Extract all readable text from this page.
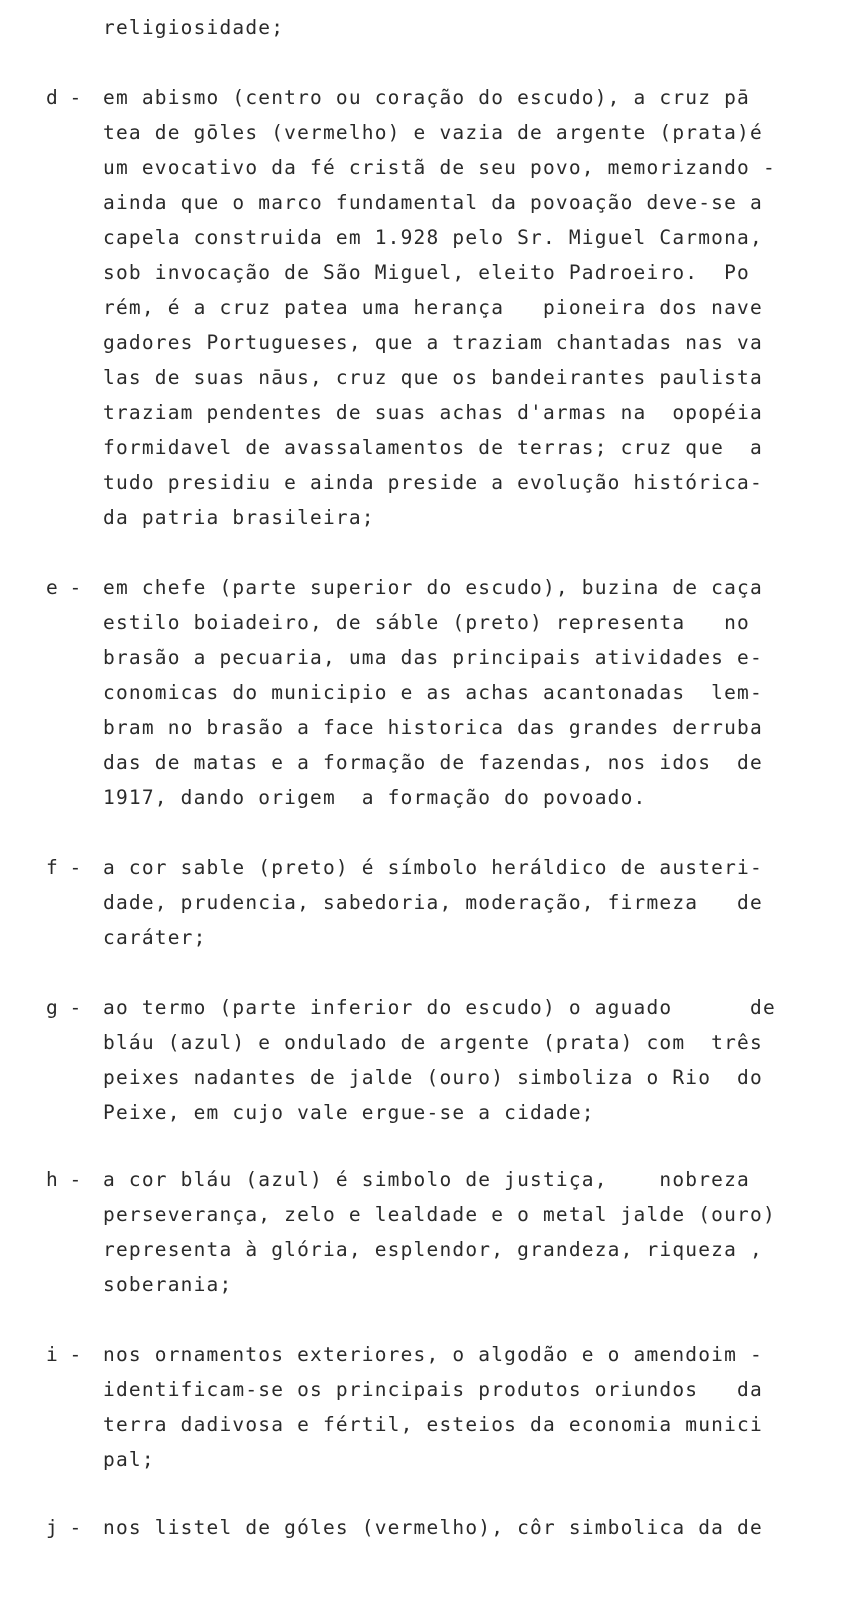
religiosidade;
d - em abismo (centro ou coração do escudo), a cruz pā
tea de gōles (vermelho) e vazia de argente (prata)é
um evocativo da fé cristã de seu povo, memorizando -
ainda que o marco fundamental da povoação deve-se a
capela construida em 1.928 pelo Sr. Miguel Carmona,
sob invocação de São Miguel, eleito Padroeiro.  Po
rém, é a cruz patea uma herança   pioneira dos nave
gadores Portugueses, que a traziam chantadas nas va
las de suas nāus, cruz que os bandeirantes paulista
traziam pendentes de suas achas d'armas na  opopéia
formidavel de avassalamentos de terras; cruz que  a
tudo presidiu e ainda preside a evolução histórica-
da patria brasileira;
e - em chefe (parte superior do escudo), buzina de caça
estilo boiadeiro, de sáble (preto) representa   no
brasão a pecuaria, uma das principais atividades e-
conomicas do municipio e as achas acantonadas  lem-
bram no brasão a face historica das grandes derruba
das de matas e a formação de fazendas, nos idos  de
1917, dando origem  a formação do povoado.
f - a cor sable (preto) é símbolo heráldico de austeri-
dade, prudencia, sabedoria, moderação, firmeza   de
caráter;
g - ao termo (parte inferior do escudo) o aguado      de
bláu (azul) e ondulado de argente (prata) com  três
peixes nadantes de jalde (ouro) simboliza o Rio  do
Peixe, em cujo vale ergue-se a cidade;
h - a cor bláu (azul) é simbolo de justiça,    nobreza
perseverança, zelo e lealdade e o metal jalde (ouro)
representa à glória, esplendor, grandeza, riqueza ,
soberania;
i - nos ornamentos exteriores, o algodão e o amendoim -
identificam-se os principais produtos oriundos   da
terra dadivosa e fértil, esteios da economia munici
pal;
j - nos listel de góles (vermelho), côr simbolica da de
